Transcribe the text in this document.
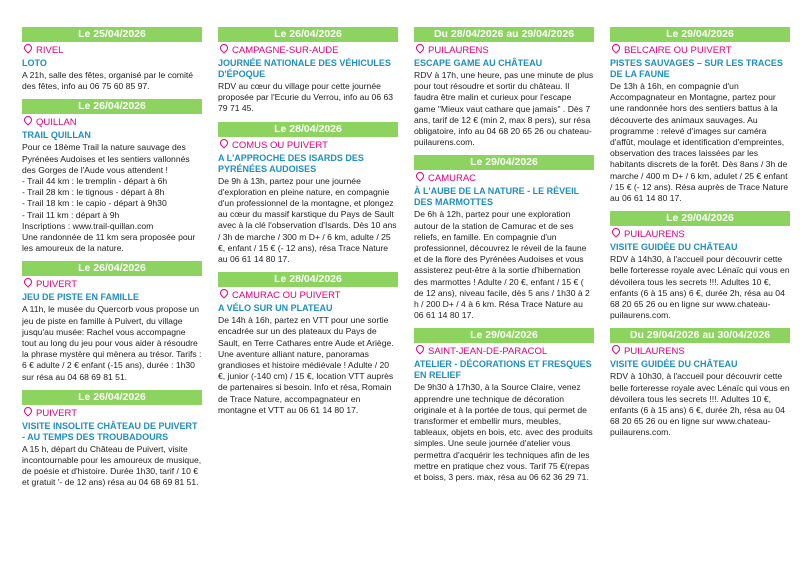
Le 25/04/2026
RIVEL
LOTO
A 21h, salle des fêtes, organisé par le comité des fêtes, info au 06 75 60 85 97.
Le 26/04/2026
QUILLAN
TRAIL QUILLAN
Pour ce 18ème Trail la nature sauvage des Pyrénées Audoises et les sentiers vallonnés des Gorges de l'Aude vous attendent !
- Trail 44 km : le tremplin - départ à 6h
- Trail 28 km : le tignous - départ à 8h
- Trail 18 km : le capio - départ à 9h30
- Trail 11 km : départ à 9h
Inscriptions : www.trail-quillan.com
Une randonnée de 11 km sera proposée pour les amoureux de la nature.
Le 26/04/2026
PUIVERT
JEU DE PISTE EN FAMILLE
A 11h, le musée du Quercorb vous propose un jeu de piste en famille à Puivert, du village jusqu'au musée: Rachel vous accompagne tout au long du jeu pour vous aider à résoudre la phrase mystère qui mènera au trésor. Tarifs : 6 € adulte / 2 € enfant (-15 ans), durée : 1h30 sur résa au 04 68 69 81 51.
Le 26/04/2026
PUIVERT
VISITE INSOLITE CHÂTEAU DE PUIVERT - AU TEMPS DES TROUBADOURS
A 15 h, départ du Château de Puivert, visite incontournable pour les amoureux de musique, de poésie et d'histoire. Durée 1h30, tarif / 10 € et gratuit '- de 12 ans) résa au 04 68 69 81 51.
Le 26/04/2026
CAMPAGNE-SUR-AUDE
JOURNÉE NATIONALE DES VÉHICULES D'ÉPOQUE
RDV au cœur du village pour cette journée proposée par l'Ecurie du Verrou, info au 06 63 79 71 45.
Le 28/04/2026
COMUS OU PUIVERT
A L'APPROCHE DES ISARDS DES PYRÉNÉES AUDOISES
De 9h à 13h, partez pour une journée d'exploration en pleine nature, en compagnie d'un professionnel de la montagne, et plongez au cœur du massif karstique du Pays de Sault avec à la clé l'observation d'Isards. Dès 10 ans / 3h de marche / 300 m D+ / 6 km, adulte / 25 €, enfant / 15 € (- 12 ans), résa Trace Nature au 06 61 14 80 17.
Le 28/04/2026
CAMURAC OU PUIVERT
A VÉLO SUR UN PLATEAU
De 14h à 16h, partez en VTT pour une sortie encadrée sur un des plateaux du Pays de Sault, en Terre Cathares entre Aude et Ariège. Une aventure alliant nature, panoramas grandioses et histoire médiévale ! Adulte / 20 €, junior (-140 cm) / 15 €, location VTT auprès de partenaires si besoin. Info et résa, Romain de Trace Nature, accompagnateur en montagne et VTT au 06 61 14 80 17.
Du 28/04/2026 au 29/04/2026
PUILAURENS
ESCAPE GAME AU CHÂTEAU
RDV à 17h, une heure, pas une minute de plus pour tout résoudre et sortir du château. Il faudra être malin et curieux pour l'escape game "Mieux vaut cathare que jamais" . Dès 7 ans, tarif de 12 € (min 2, max 8 pers), sur résa obligatoire, info au 04 68 20 65 26 ou chateau-puilaurens.com.
Le 29/04/2026
CAMURAC
À L'AUBE DE LA NATURE - LE RÉVEIL DES MARMOTTES
De 6h à 12h, partez pour une exploration autour de la station de Camurac et de ses reliefs, en famille. En compagnie d'un professionnel, découvrez le réveil de la faune et de la flore des Pyrénées Audoises et vous assisterez peut-être à la sortie d'hibernation des marmottes ! Adulte / 20 €, enfant / 15 € ( de 12 ans), niveau facile, dès 5 ans / 1h30 à 2 h / 200 D+ / 4 à 6 km. Résa Trace Nature au 06 61 14 80 17.
Le 29/04/2026
SAINT-JEAN-DE-PARACOL
ATELIER - DÉCORATIONS ET FRESQUES EN RELIEF
De 9h30 à 17h30, à la Source Claire, venez apprendre une technique de décoration originale et à la portée de tous, qui permet de transformer et embellir murs, meubles, tableaux, objets en bois, etc. avec des produits simples. Une seule journée d'atelier vous permettra d'acquérir les techniques afin de les mettre en pratique chez vous. Tarif 75 €(repas et boiss, 3 pers. max, résa au 06 62 36 29 71.
Le 29/04/2026
BELCAIRE OU PUIVERT
PISTES SAUVAGES – SUR LES TRACES DE LA FAUNE
De 13h à 16h, en compagnie d'un Accompagnateur en Montagne, partez pour une randonnée hors des sentiers battus à la découverte des animaux sauvages. Au programme : relevé d'images sur caméra d'affût, moulage et identification d'empreintes, observation des traces laissées par les habitants discrets de la forêt. Dès 8ans / 3h de marche / 400 m D+ / 6 km, adulet / 25 € enfant / 15 € (- 12 ans). Résa auprès de Trace Nature au 06 61 14 80 17.
Le 29/04/2026
PUILAURENS
VISITE GUIDÉE DU CHÂTEAU
RDV à 14h30, à l'accueil pour découvrir cette belle forteresse royale avec Lénaïc qui vous en dévoilera tous les secrets !!!. Adultes 10 €, enfants (6 à 15 ans) 6 €, durée 2h, résa au 04 68 20 65 26 ou en ligne sur www.chateau-puilaurens.com.
Du 29/04/2026 au 30/04/2026
PUILAURENS
VISITE GUIDÉE DU CHÂTEAU
RDV à 10h30, à l'accueil pour découvrir cette belle forteresse royale avec Lénaïc qui vous en dévoilera tous les secrets !!!. Adultes 10 €, enfants (6 à 15 ans) 6 €, durée 2h, résa au 04 68 20 65 26 ou en ligne sur www.chateau-puilaurens.com.
